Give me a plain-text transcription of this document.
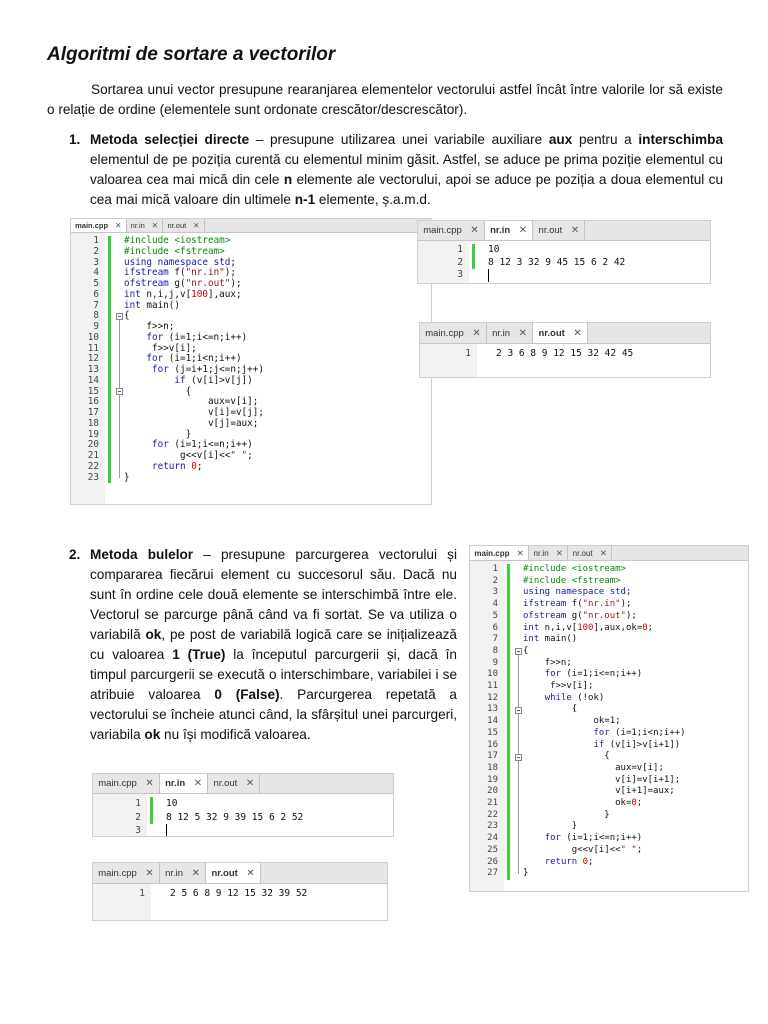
Algoritmi de sortare a vectorilor

Sortarea unui vector presupune rearanjarea elementelor vectorului astfel încât între valorile lor să existe o relație de ordine (elementele sunt ordonate crescător/descrescător).

1. Metoda selecției directe – presupune utilizarea unei variabile auxiliare aux pentru a interschimba elementul de pe poziția curentă cu elementul minim găsit. Astfel, se aduce pe prima poziție elementul cu valoarea cea mai mică din cele n elemente ale vectorului, apoi se aduce pe poziția a doua elementul cu cea mai mică valoare din ultimele n-1 elemente, ș.a.m.d.

2. Metoda bulelor – presupune parcurgerea vectorului și compararea fiecărui element cu succesorul său. Dacă nu sunt în ordine cele două elemente se interschimbă între ele. Vectorul se parcurge până când va fi sortat. Se va utiliza o variabilă ok, pe post de variabilă logică care se inițializează cu valoarea 1 (True) la începutul parcurgerii și, dacă în timpul parcurgerii se execută o interschimbare, variabilei i se atribuie valoarea 0 (False). Parcurgerea repetată a vectorului se încheie atunci când, la sfârșitul unei parcurgeri, variabila ok nu își modifică valoarea.

main.cpp ✕ nr.in ✕ nr.out ✕
1
2
3
4
5
6
7
8
9
10
11
12
13
14
15
16
17
18
19
20
21
22
23
#include <iostream>
#include <fstream>
using namespace std;
ifstream f("nr.in");
ofstream g("nr.out");
int n,i,j,v[100],aux;
int main()
{
f>>n;
for (i=1;i<=n;i++)
f>>v[i];
for (i=1;i<n;i++)
for (j=i+1;j<=n;j++)
if (v[i]>v[j])
{
aux=v[i];
v[i]=v[j];
v[j]=aux;
}
for (i=1;i<=n;i++)
g<<v[i]<<" ";
return 0;
}
main.cpp ✕ nr.in ✕ nr.out ✕
1
2
3
10
8 12 3 32 9 45 15 6 2 42
main.cpp ✕ nr.in ✕ nr.out ✕
1	2 3 6 8 9 12 15 32 42 45
main.cpp ✕ nr.in ✕ nr.out ✕
1
2
3
4
5
6
7
8
9
10
11
12
13
14
15
16
17
18
19
20
21
22
23
24
25
26
27
#include <iostream>
#include <fstream>
using namespace std;
ifstream f("nr.in");
ofstream g("nr.out");
int n,i,v[100],aux,ok=0;
int main()
{
f>>n;
for (i=1;i<=n;i++)
f>>v[i];
while (!ok)
{
ok=1;
for (i=1;i<n;i++)
if (v[i]>v[i+1])
{
aux=v[i];
v[i]=v[i+1];
v[i+1]=aux;
ok=0;
}
}
for (i=1;i<=n;i++)
g<<v[i]<<" ";
return 0;
}
main.cpp ✕ nr.in ✕ nr.out ✕
1
2
3
10
8 12 5 32 9 39 15 6 2 52
main.cpp ✕ nr.in ✕ nr.out ✕
1	2 5 6 8 9 12 15 32 39 52
